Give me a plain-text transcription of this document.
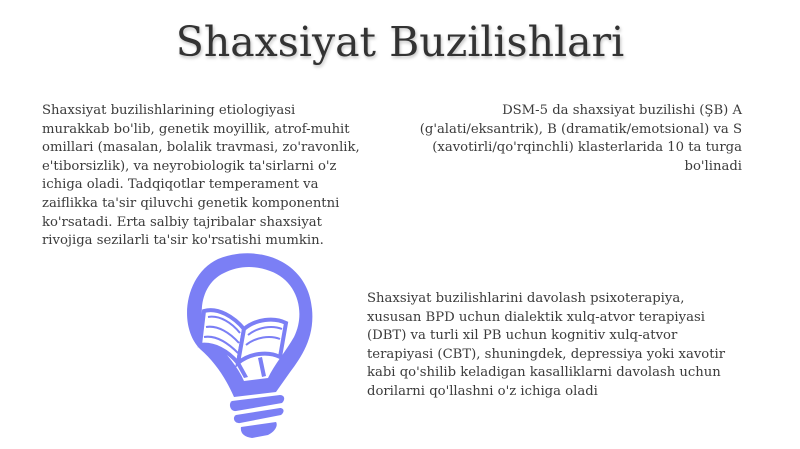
Shaxsiyat Buzilishlari

Shaxsiyat buzilishlarining etiologiyasi murakkab bo'lib, genetik moyillik, atrof-muhit omillari (masalan, bolalik travmasi, zo'ravonlik, e'tiborsizlik), va neyrobiologik ta'sirlarni o'z ichiga oladi. Tadqiqotlar temperament va zaiflikka ta'sir qiluvchi genetik komponentni ko'rsatadi. Erta salbiy tajribalar shaxsiyat rivojiga sezilarli ta'sir ko'rsatishi mumkin.

DSM-5 da shaxsiyat buzilishi (ŞB) A (g'alati/eksantrik), B (dramatik/emotsional) va S (xavotirli/qo'rqinchli) klasterlarida 10 ta turga bo'linadi

Shaxsiyat buzilishlarini davolash psixoterapiya, xususan BPD uchun dialektik xulq-atvor terapiyasi (DBT) va turli xil PB uchun kognitiv xulq-atvor terapiyasi (CBT), shuningdek, depressiya yoki xavotir kabi qo'shilib keladigan kasalliklarni davolash uchun dorilarni qo'llashni o'z ichiga oladi
